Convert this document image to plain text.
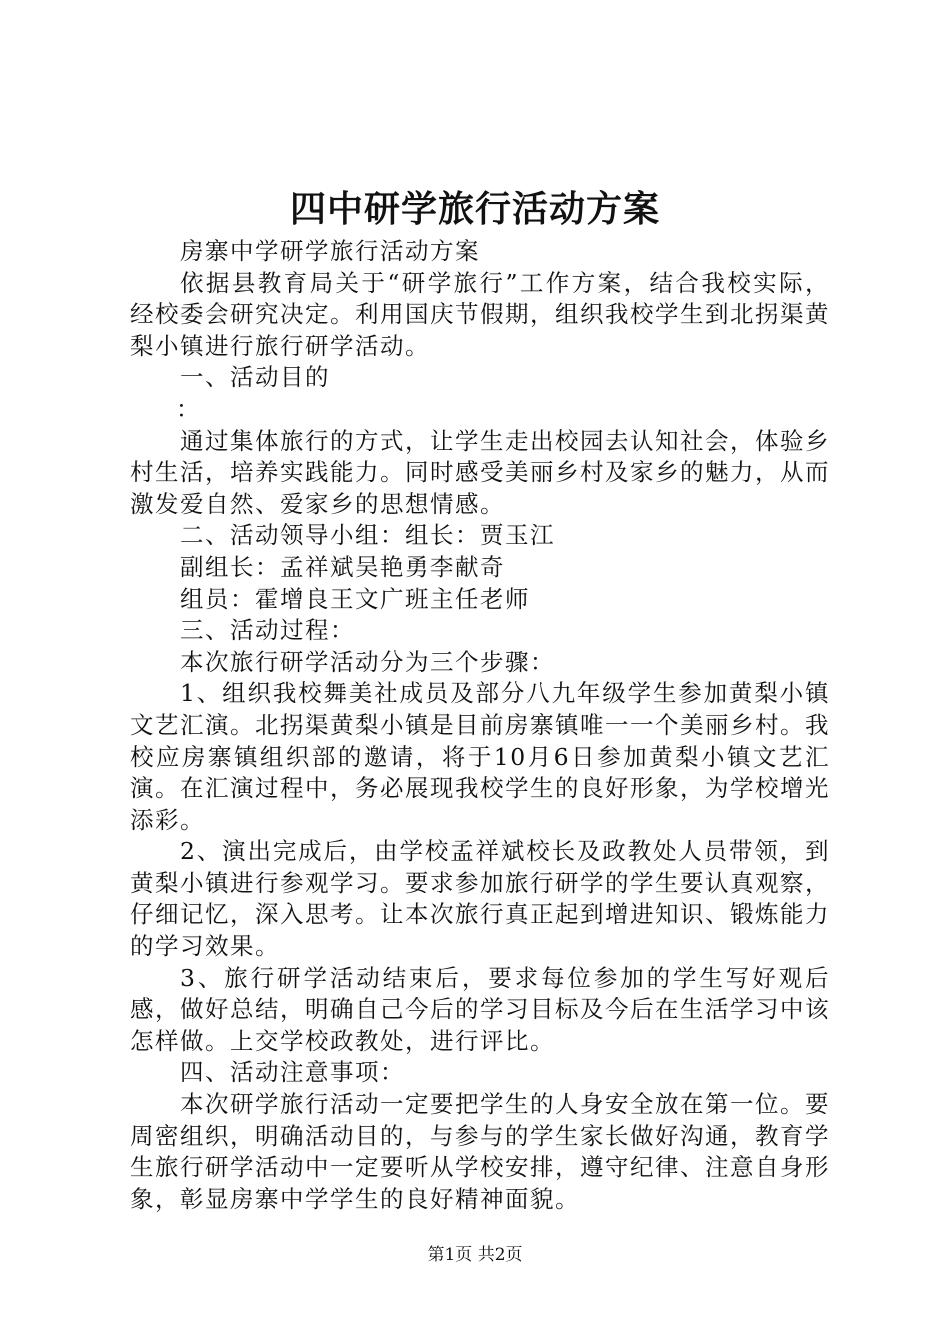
四中研学旅行活动方案

房寨中学研学旅行活动方案

依据县教育局关于“研学旅行”工作方案，结合我校实际，经校委会研究决定。利用国庆节假期，组织我校学生到北拐渠黄梨小镇进行旅行研学活动。

一、活动目的

：

通过集体旅行的方式，让学生走出校园去认知社会，体验乡村生活，培养实践能力。同时感受美丽乡村及家乡的魅力，从而激发爱自然、爱家乡的思想情感。

二、活动领导小组：组长：贾玉江

副组长：孟祥斌吴艳勇李献奇

组员：霍增良王文广班主任老师

三、活动过程：

本次旅行研学活动分为三个步骤：

1、组织我校舞美社成员及部分八九年级学生参加黄梨小镇文艺汇演。北拐渠黄梨小镇是目前房寨镇唯一一个美丽乡村。我校应房寨镇组织部的邀请，将于10月6日参加黄梨小镇文艺汇演。在汇演过程中，务必展现我校学生的良好形象，为学校增光添彩。

2、演出完成后，由学校孟祥斌校长及政教处人员带领，到黄梨小镇进行参观学习。要求参加旅行研学的学生要认真观察，仔细记忆，深入思考。让本次旅行真正起到增进知识、锻炼能力的学习效果。

3、旅行研学活动结束后，要求每位参加的学生写好观后感，做好总结，明确自己今后的学习目标及今后在生活学习中该怎样做。上交学校政教处，进行评比。

四、活动注意事项：

本次研学旅行活动一定要把学生的人身安全放在第一位。要周密组织，明确活动目的，与参与的学生家长做好沟通，教育学生旅行研学活动中一定要听从学校安排，遵守纪律、注意自身形象，彰显房寨中学学生的良好精神面貌。

第1页 共2页
